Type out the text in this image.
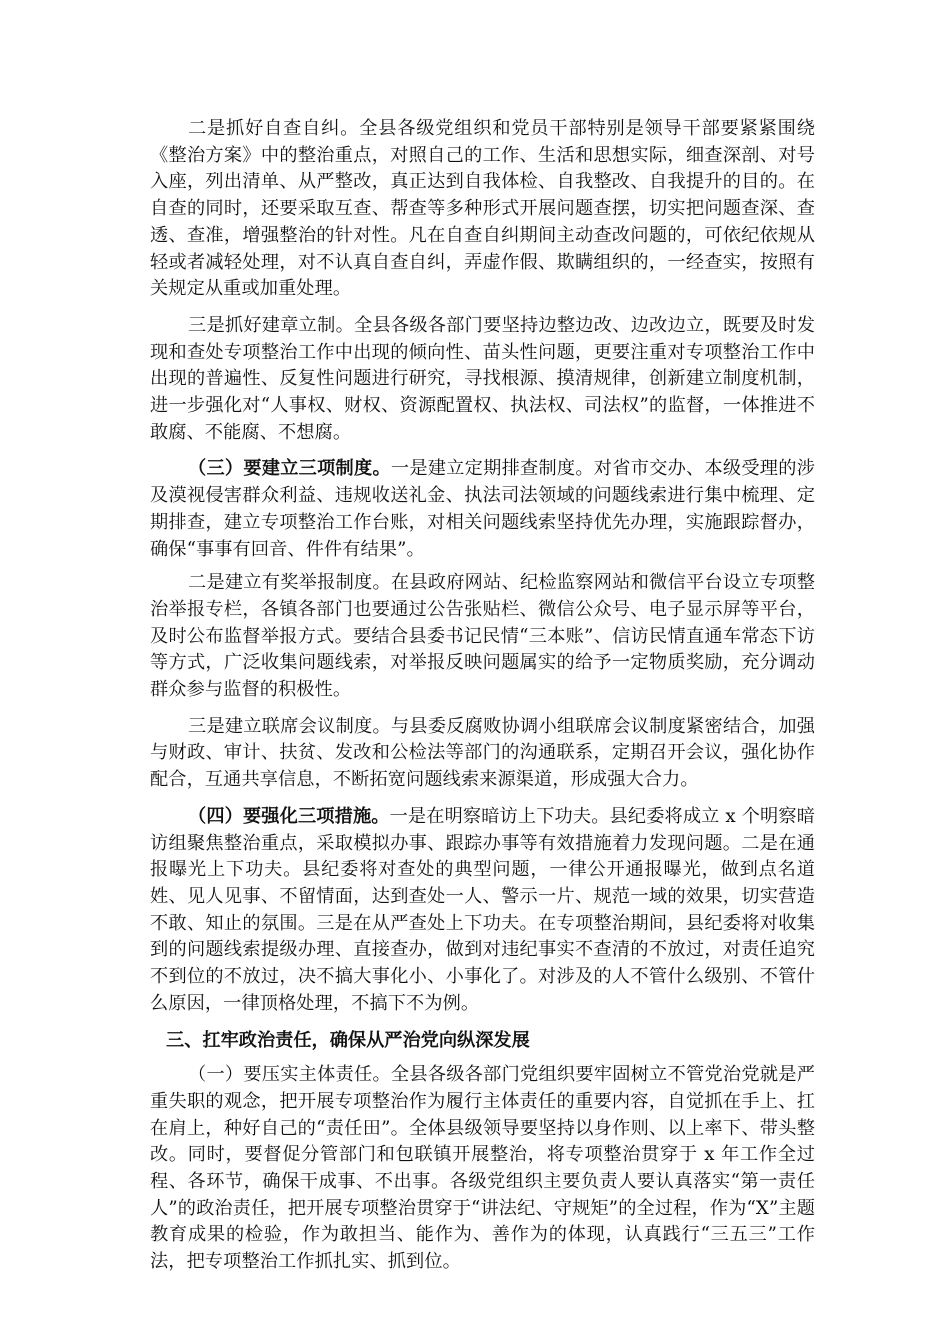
二是抓好自查自纠。全县各级党组织和党员干部特别是领导干部要紧紧围绕《整治方案》中的整治重点，对照自己的工作、生活和思想实际，细查深剖、对号入座，列出清单、从严整改，真正达到自我体检、自我整改、自我提升的目的。在自查的同时，还要采取互查、帮查等多种形式开展问题查摆，切实把问题查深、查透、查准，增强整治的针对性。凡在自查自纠期间主动查改问题的，可依纪依规从轻或者减轻处理，对不认真自查自纠，弄虚作假、欺瞒组织的，一经查实，按照有关规定从重或加重处理。

三是抓好建章立制。全县各级各部门要坚持边整边改、边改边立，既要及时发现和查处专项整治工作中出现的倾向性、苗头性问题，更要注重对专项整治工作中出现的普遍性、反复性问题进行研究，寻找根源、摸清规律，创新建立制度机制，进一步强化对“人事权、财权、资源配置权、执法权、司法权”的监督，一体推进不敢腐、不能腐、不想腐。

（三）要建立三项制度。一是建立定期排查制度。对省市交办、本级受理的涉及漠视侵害群众利益、违规收送礼金、执法司法领域的问题线索进行集中梳理、定期排查，建立专项整治工作台账，对相关问题线索坚持优先办理，实施跟踪督办，确保“事事有回音、件件有结果”。

二是建立有奖举报制度。在县政府网站、纪检监察网站和微信平台设立专项整治举报专栏，各镇各部门也要通过公告张贴栏、微信公众号、电子显示屏等平台，及时公布监督举报方式。要结合县委书记民情“三本账”、信访民情直通车常态下访等方式，广泛收集问题线索，对举报反映问题属实的给予一定物质奖励，充分调动群众参与监督的积极性。

三是建立联席会议制度。与县委反腐败协调小组联席会议制度紧密结合，加强与财政、审计、扶贫、发改和公检法等部门的沟通联系，定期召开会议，强化协作配合，互通共享信息，不断拓宽问题线索来源渠道，形成强大合力。

（四）要强化三项措施。一是在明察暗访上下功夫。县纪委将成立 x 个明察暗访组聚焦整治重点，采取模拟办事、跟踪办事等有效措施着力发现问题。二是在通报曝光上下功夫。县纪委将对查处的典型问题，一律公开通报曝光，做到点名道姓、见人见事、不留情面，达到查处一人、警示一片、规范一域的效果，切实营造不敢、知止的氛围。三是在从严查处上下功夫。在专项整治期间，县纪委将对收集到的问题线索提级办理、直接查办，做到对违纪事实不查清的不放过，对责任追究不到位的不放过，决不搞大事化小、小事化了。对涉及的人不管什么级别、不管什么原因，一律顶格处理，不搞下不为例。

三、扛牢政治责任，确保从严治党向纵深发展

（一）要压实主体责任。全县各级各部门党组织要牢固树立不管党治党就是严重失职的观念，把开展专项整治作为履行主体责任的重要内容，自觉抓在手上、扛在肩上，种好自己的“责任田”。全体县级领导要坚持以身作则、以上率下、带头整改。同时，要督促分管部门和包联镇开展整治，将专项整治贯穿于 x 年工作全过程、各环节，确保干成事、不出事。各级党组织主要负责人要认真落实“第一责任人”的政治责任，把开展专项整治贯穿于“讲法纪、守规矩”的全过程，作为“X”主题教育成果的检验，作为敢担当、能作为、善作为的体现，认真践行“三五三”工作法，把专项整治工作抓扎实、抓到位。
